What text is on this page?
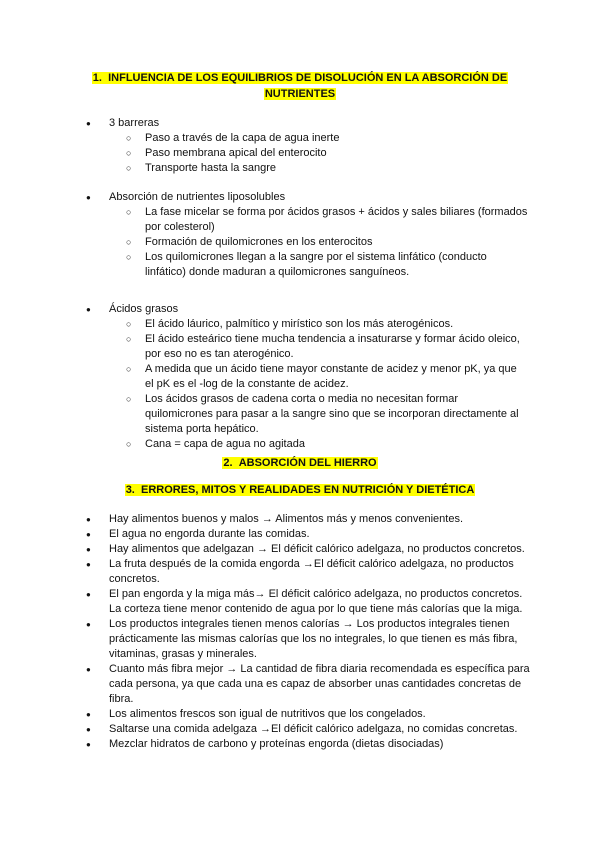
1. INFLUENCIA DE LOS EQUILIBRIOS DE DISOLUCIÓN EN LA ABSORCIÓN DE
NUTRIENTES
● 3 barreras
○ Paso a través de la capa de agua inerte
○ Paso membrana apical del enterocito
○ Transporte hasta la sangre
● Absorción de nutrientes liposolubles
○ La fase micelar se forma por ácidos grasos + ácidos y sales biliares (formados por colesterol)
○ Formación de quilomicrones en los enterocitos
○ Los quilomicrones llegan a la sangre por el sistema linfático (conducto linfático) donde maduran a quilomicrones sanguíneos.
● Ácidos grasos
○ El ácido láurico, palmítico y mirístico son los más aterogénicos.
○ El ácido esteárico tiene mucha tendencia a insaturarse y formar ácido oleico, por eso no es tan aterogénico.
○ A medida que un ácido tiene mayor constante de acidez y menor pK, ya que el pK es el -log de la constante de acidez.
○ Los ácidos grasos de cadena corta o media no necesitan formar quilomicrones para pasar a la sangre sino que se incorporan directamente al sistema porta hepático.
○ Cana = capa de agua no agitada
2. ABSORCIÓN DEL HIERRO
3. ERRORES, MITOS Y REALIDADES EN NUTRICIÓN Y DIETÉTICA
● Hay alimentos buenos y malos → Alimentos más y menos convenientes.
● El agua no engorda durante las comidas.
● Hay alimentos que adelgazan → El déficit calórico adelgaza, no productos concretos.
● La fruta después de la comida engorda →El déficit calórico adelgaza, no productos concretos.
● El pan engorda y la miga más→ El déficit calórico adelgaza, no productos concretos. La corteza tiene menor contenido de agua por lo que tiene más calorías que la miga.
● Los productos integrales tienen menos calorías → Los productos integrales tienen prácticamente las mismas calorías que los no integrales, lo que tienen es más fibra, vitaminas, grasas y minerales.
● Cuanto más fibra mejor → La cantidad de fibra diaria recomendada es específica para cada persona, ya que cada una es capaz de absorber unas cantidades concretas de fibra.
● Los alimentos frescos son igual de nutritivos que los congelados.
● Saltarse una comida adelgaza →El déficit calórico adelgaza, no comidas concretas.
● Mezclar hidratos de carbono y proteínas engorda (dietas disociadas)
